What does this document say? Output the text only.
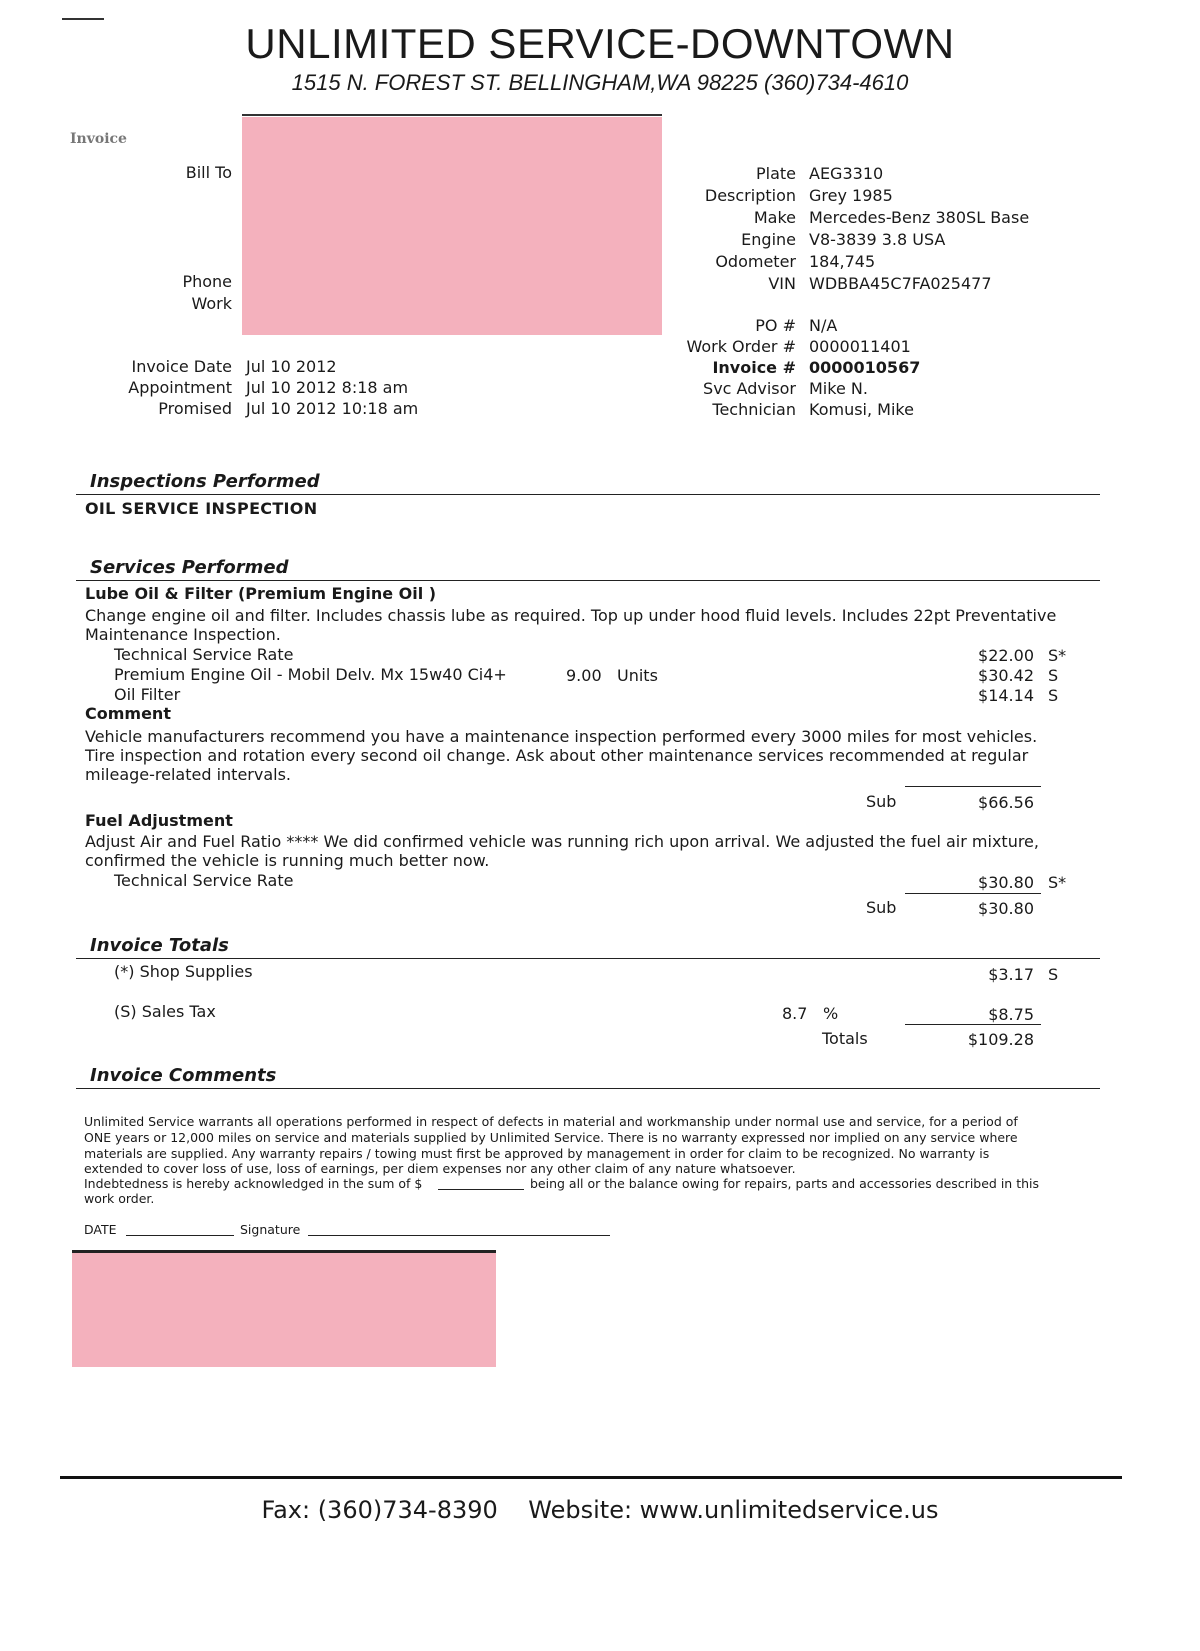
UNLIMITED SERVICE-DOWNTOWN
1515 N. FOREST ST. BELLINGHAM,WA 98225 (360)734-4610
Invoice
Bill To
Phone
Work
Plate AEG3310
Description Grey 1985
Make Mercedes-Benz 380SL Base
Engine V8-3839 3.8 USA
Odometer 184,745
VIN WDBBA45C7FA025477
PO # N/A
Work Order # 0000011401
Invoice # 0000010567
Svc Advisor Mike N.
Technician Komusi, Mike
Invoice Date Jul 10 2012
Appointment Jul 10 2012 8:18 am
Promised Jul 10 2012 10:18 am
Inspections Performed
OIL SERVICE INSPECTION
Services Performed
Lube Oil & Filter (Premium Engine Oil )
Change engine oil and filter. Includes chassis lube as required. Top up under hood fluid levels. Includes 22pt Preventative
Maintenance Inspection.
Technical Service Rate	$22.00 S*
Premium Engine Oil - Mobil Delv. Mx 15w40 Ci4+	9.00 Units	$30.42 S
Oil Filter	$14.14 S
Comment
Vehicle manufacturers recommend you have a maintenance inspection performed every 3000 miles for most vehicles.
Tire inspection and rotation every second oil change. Ask about other maintenance services recommended at regular
mileage-related intervals.
Sub	$66.56
Fuel Adjustment
Adjust Air and Fuel Ratio **** We did confirmed vehicle was running rich upon arrival. We adjusted the fuel air mixture,
confirmed the vehicle is running much better now.
Technical Service Rate	$30.80 S*
Sub	$30.80
Invoice Totals
(*) Shop Supplies	$3.17 S
(S) Sales Tax	8.7 %	$8.75
Totals	$109.28
Invoice Comments
Unlimited Service warrants all operations performed in respect of defects in material and workmanship under normal use and service, for a period of
ONE years or 12,000 miles on service and materials supplied by Unlimited Service. There is no warranty expressed nor implied on any service where
materials are supplied. Any warranty repairs / towing must first be approved by management in order for claim to be recognized. No warranty is
extended to cover loss of use, loss of earnings, per diem expenses nor any other claim of any nature whatsoever.
Indebtedness is hereby acknowledged in the sum of $	being all or the balance owing for repairs, parts and accessories described in this
work order.
DATE	Signature
Fax: (360)734-8390    Website: www.unlimitedservice.us
